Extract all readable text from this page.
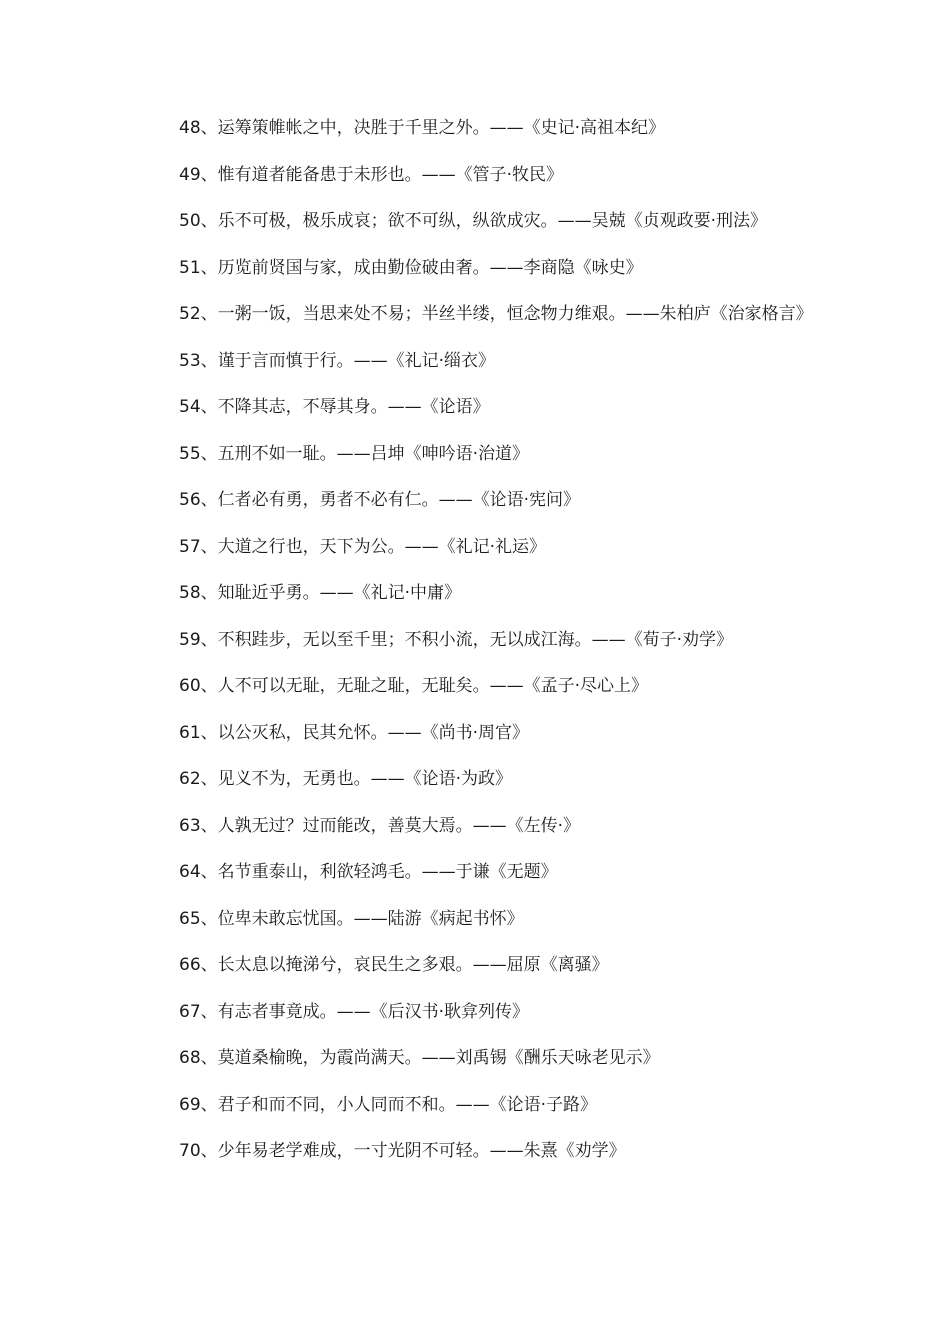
48、运筹策帷帐之中，决胜于千里之外。——《史记·高祖本纪》

49、惟有道者能备患于未形也。——《管子·牧民》

50、乐不可极，极乐成哀；欲不可纵，纵欲成灾。——吴兢《贞观政要·刑法》

51、历览前贤国与家，成由勤俭破由奢。——李商隐《咏史》

52、一粥一饭，当思来处不易；半丝半缕，恒念物力维艰。——朱柏庐《治家格言》

53、谨于言而慎于行。——《礼记·缁衣》

54、不降其志，不辱其身。——《论语》

55、五刑不如一耻。——吕坤《呻吟语·治道》

56、仁者必有勇，勇者不必有仁。——《论语·宪问》

57、大道之行也，天下为公。——《礼记·礼运》

58、知耻近乎勇。——《礼记·中庸》

59、不积跬步，无以至千里；不积小流，无以成江海。——《荀子·劝学》

60、人不可以无耻，无耻之耻，无耻矣。——《孟子·尽心上》

61、以公灭私，民其允怀。——《尚书·周官》

62、见义不为，无勇也。——《论语·为政》

63、人孰无过？过而能改，善莫大焉。——《左传·》

64、名节重泰山，利欲轻鸿毛。——于谦《无题》

65、位卑未敢忘忧国。——陆游《病起书怀》

66、长太息以掩涕兮，哀民生之多艰。——屈原《离骚》

67、有志者事竟成。——《后汉书·耿弇列传》

68、莫道桑榆晚，为霞尚满天。——刘禹锡《酬乐天咏老见示》

69、君子和而不同，小人同而不和。——《论语·子路》

70、少年易老学难成，一寸光阴不可轻。——朱熹《劝学》
